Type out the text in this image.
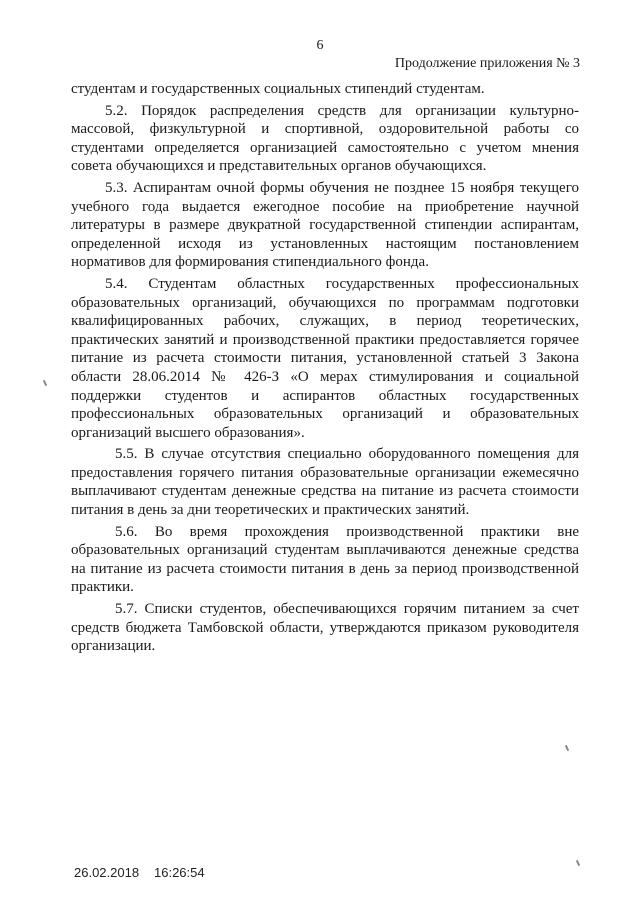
6
Продолжение приложения № 3

студентам и государственных социальных стипендий студентам.

5.2. Порядок распределения средств для организации культурно-массовой, физкультурной и спортивной, оздоровительной работы со студентами определяется организацией самостоятельно с учетом мнения совета обучающихся и представительных органов обучающихся.

5.3. Аспирантам очной формы обучения не позднее 15 ноября текущего учебного года выдается ежегодное пособие на приобретение научной литературы в размере двукратной государственной стипендии аспирантам, определенной исходя из установленных настоящим постановлением нормативов для формирования стипендиального фонда.

5.4. Студентам областных государственных профессиональных образовательных организаций, обучающихся по программам подготовки квалифицированных рабочих, служащих, в период теоретических, практических занятий и производственной практики предоставляется горячее питание из расчета стоимости питания, установленной статьей 3 Закона области 28.06.2014 № 426-З «О мерах стимулирования и социальной поддержки студентов и аспирантов областных государственных профессиональных образовательных организаций и образовательных организаций высшего образования».

5.5. В случае отсутствия специально оборудованного помещения для предоставления горячего питания образовательные организации ежемесячно выплачивают студентам денежные средства на питание из расчета стоимости питания в день за дни теоретических и практических занятий.

5.6. Во время прохождения производственной практики вне образовательных организаций студентам выплачиваются денежные средства на питание из расчета стоимости питания в день за период производственной практики.

5.7. Списки студентов, обеспечивающихся горячим питанием за счет средств бюджета Тамбовской области, утверждаются приказом руководителя организации.

26.02.2018 16:26:54
